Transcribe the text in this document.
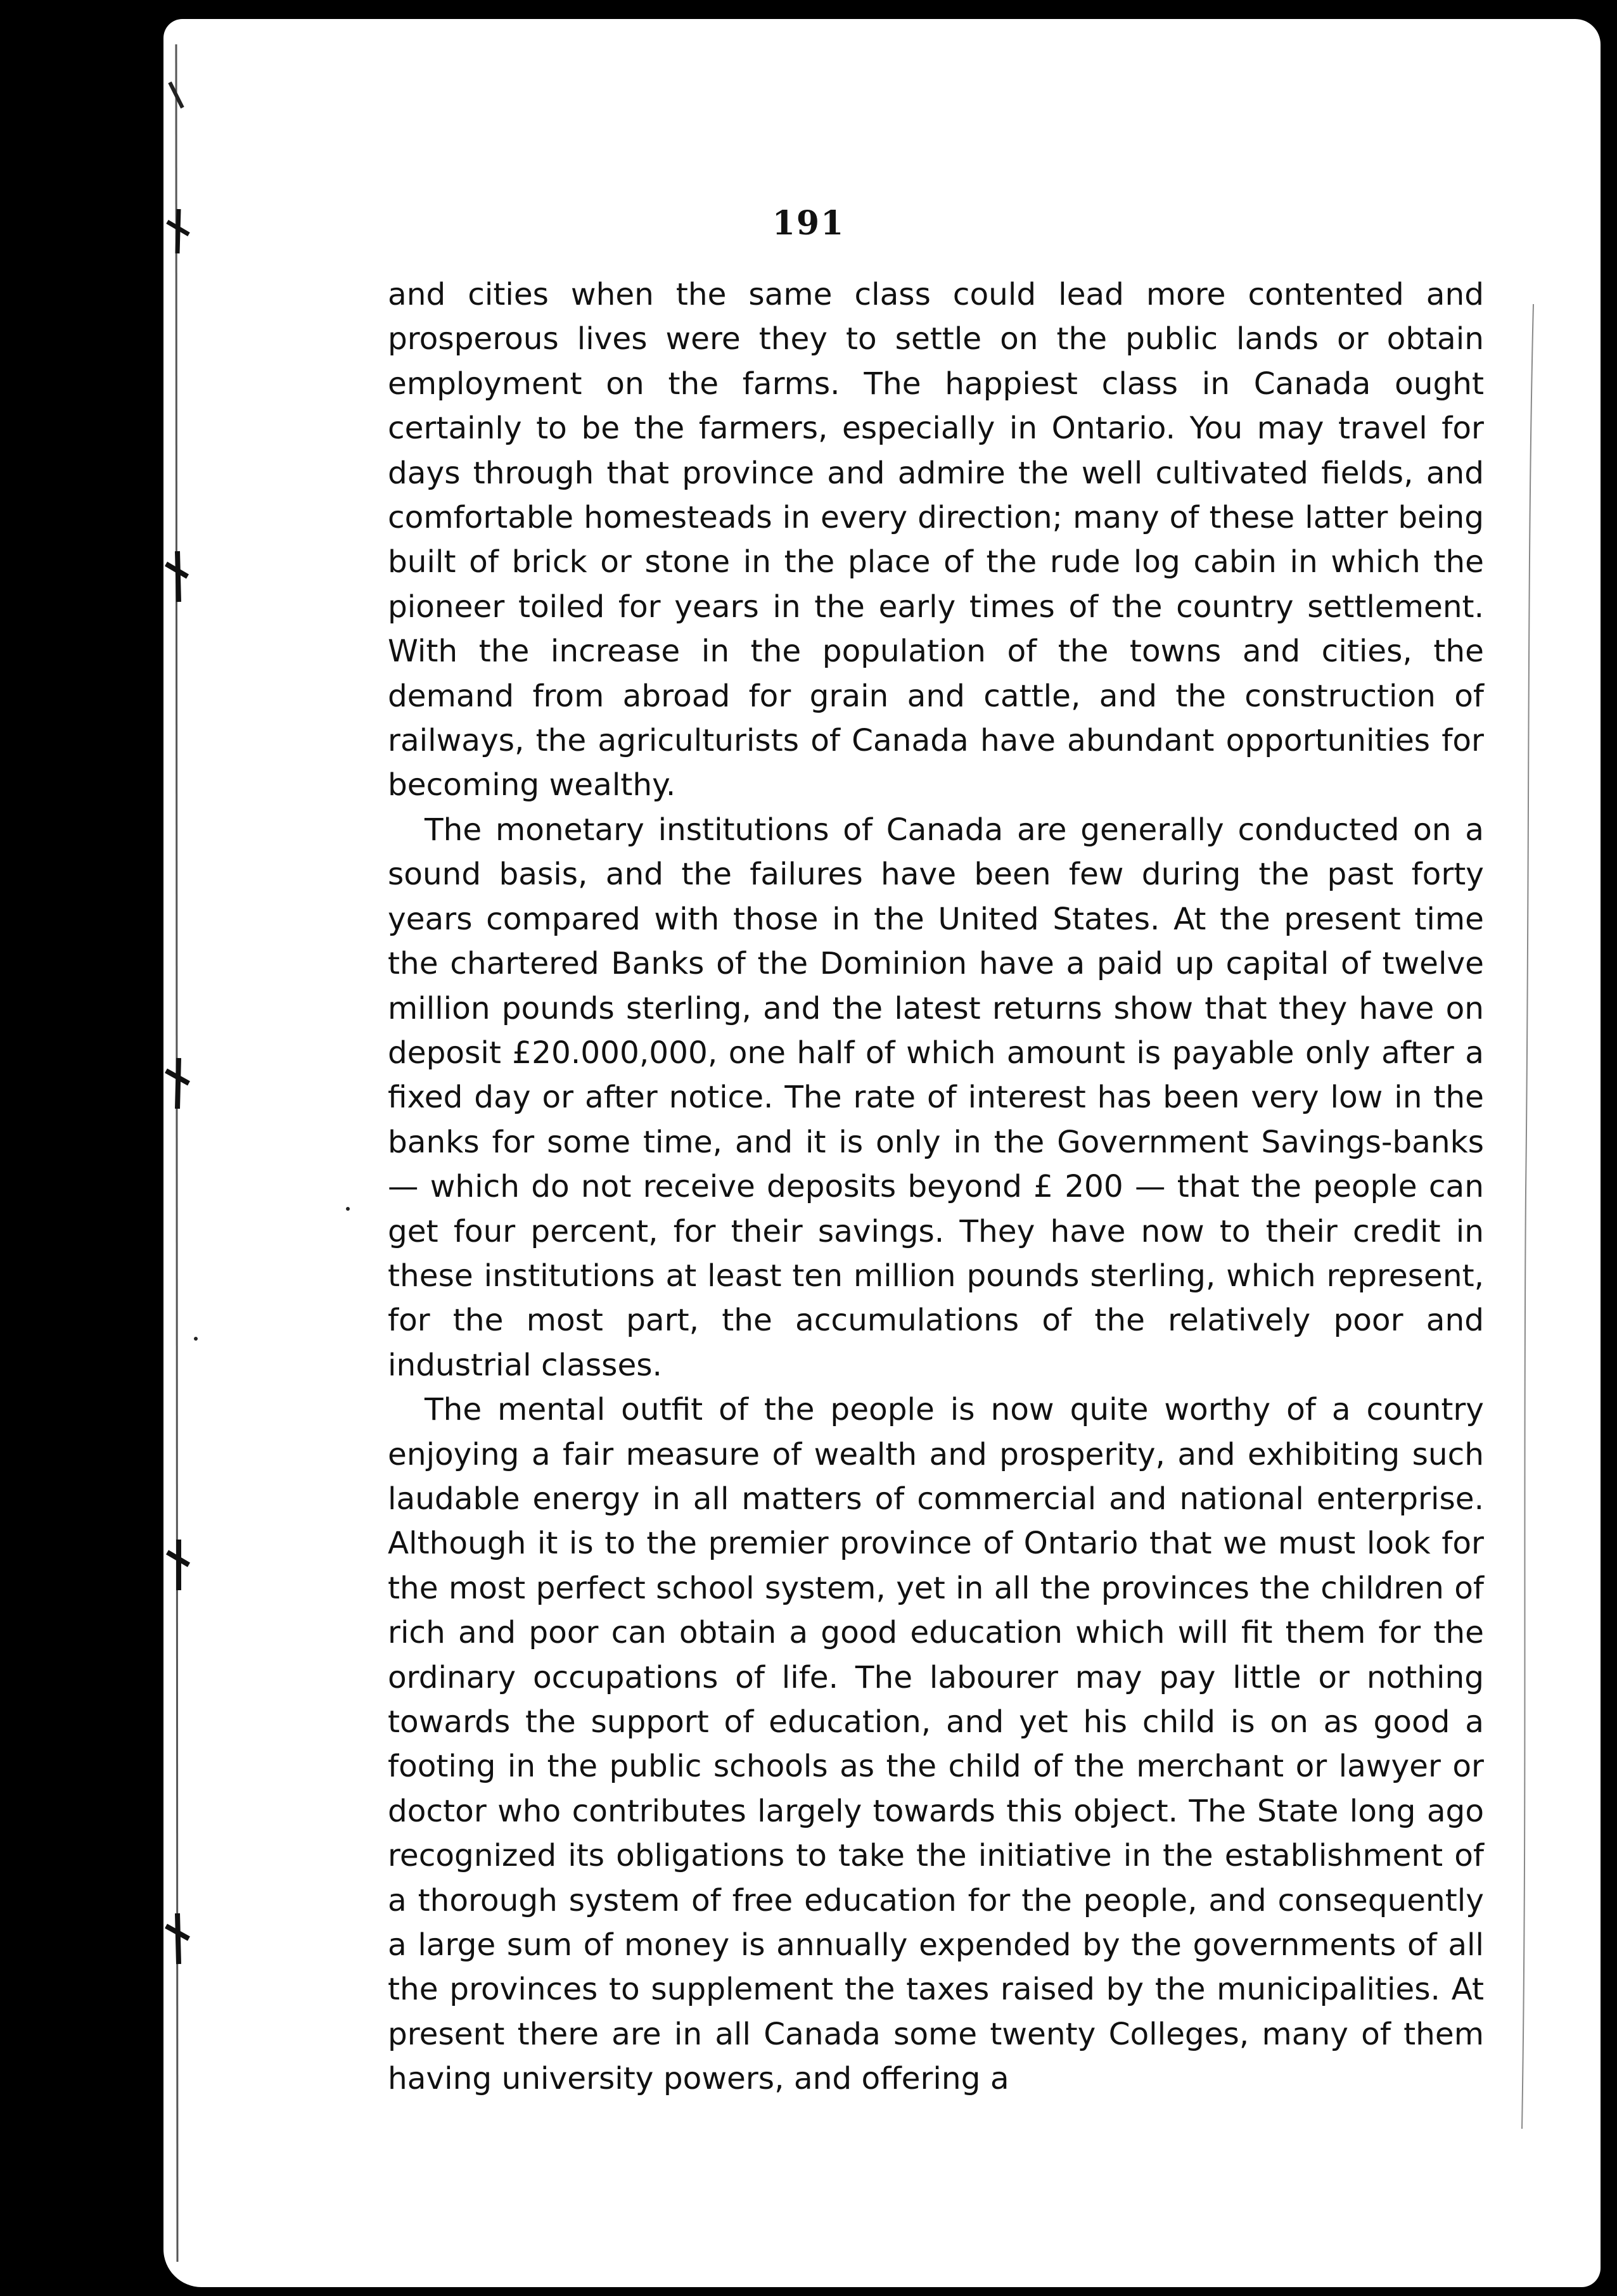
191

and cities when the same class could lead more contented and prosperous lives were they to settle on the public lands or obtain employment on the farms. The happiest class in Canada ought certainly to be the farmers, especially in Ontario. You may travel for days through that province and admire the well cultivated fields, and comfortable homesteads in every direction; many of these latter being built of brick or stone in the place of the rude log cabin in which the pioneer toiled for years in the early times of the country settlement. With the increase in the population of the towns and cities, the demand from abroad for grain and cattle, and the construction of railways, the agriculturists of Canada have abundant opportunities for becoming wealthy.

The monetary institutions of Canada are generally conducted on a sound basis, and the failures have been few during the past forty years compared with those in the United States. At the present time the chartered Banks of the Dominion have a paid up capital of twelve million pounds sterling, and the latest returns show that they have on deposit £20.000,000, one half of which amount is payable only after a fixed day or after notice. The rate of interest has been very low in the banks for some time, and it is only in the Government Savings-banks — which do not receive deposits beyond £ 200 — that the people can get four percent, for their savings. They have now to their credit in these institutions at least ten million pounds sterling, which represent, for the most part, the accumulations of the relatively poor and industrial classes.

The mental outfit of the people is now quite worthy of a country enjoying a fair measure of wealth and prosperity, and exhibiting such laudable energy in all matters of commercial and national enterprise. Although it is to the premier province of Ontario that we must look for the most perfect school system, yet in all the provinces the children of rich and poor can obtain a good education which will fit them for the ordinary occupations of life. The labourer may pay little or nothing towards the support of education, and yet his child is on as good a footing in the public schools as the child of the merchant or lawyer or doctor who contributes largely towards this object. The State long ago recognized its obligations to take the initiative in the establishment of a thorough system of free education for the people, and consequently a large sum of money is annually expended by the governments of all the provinces to supplement the taxes raised by the municipalities. At present there are in all Canada some twenty Colleges, many of them having university powers, and offering a
